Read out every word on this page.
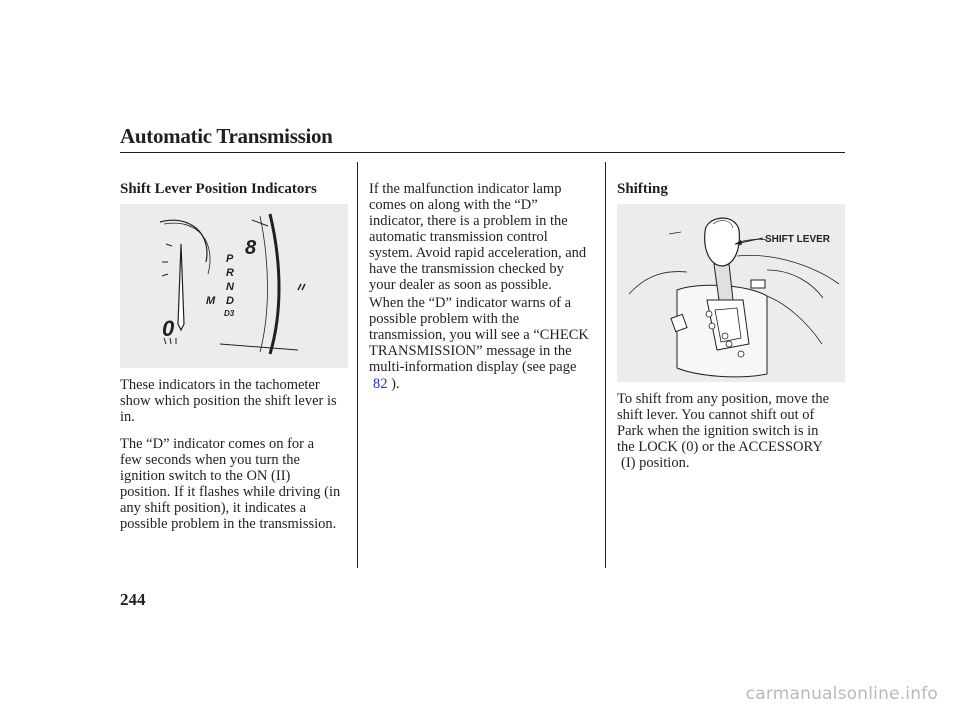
Automatic Transmission
Shift Lever Position Indicators
8
0
P
R
N
D
D3
M
These indicators in the tachometer
show which position the shift lever is
in.
The “D” indicator comes on for a
few seconds when you turn the
ignition switch to the ON (II)
position. If it flashes while driving (in
any shift position), it indicates a
possible problem in the transmission.
If the malfunction indicator lamp
comes on along with the “D”
indicator, there is a problem in the
automatic transmission control
system. Avoid rapid acceleration, and
have the transmission checked by
your dealer as soon as possible.
When the “D” indicator warns of a
possible problem with the
transmission, you will see a “CHECK
TRANSMISSION” message in the
multi-information display (see page
82 ).
Shifting
SHIFT LEVER
To shift from any position, move the
shift lever. You cannot shift out of
Park when the ignition switch is in
the LOCK (0) or the ACCESSORY
(I) position.
244
carmanualsonline.info
